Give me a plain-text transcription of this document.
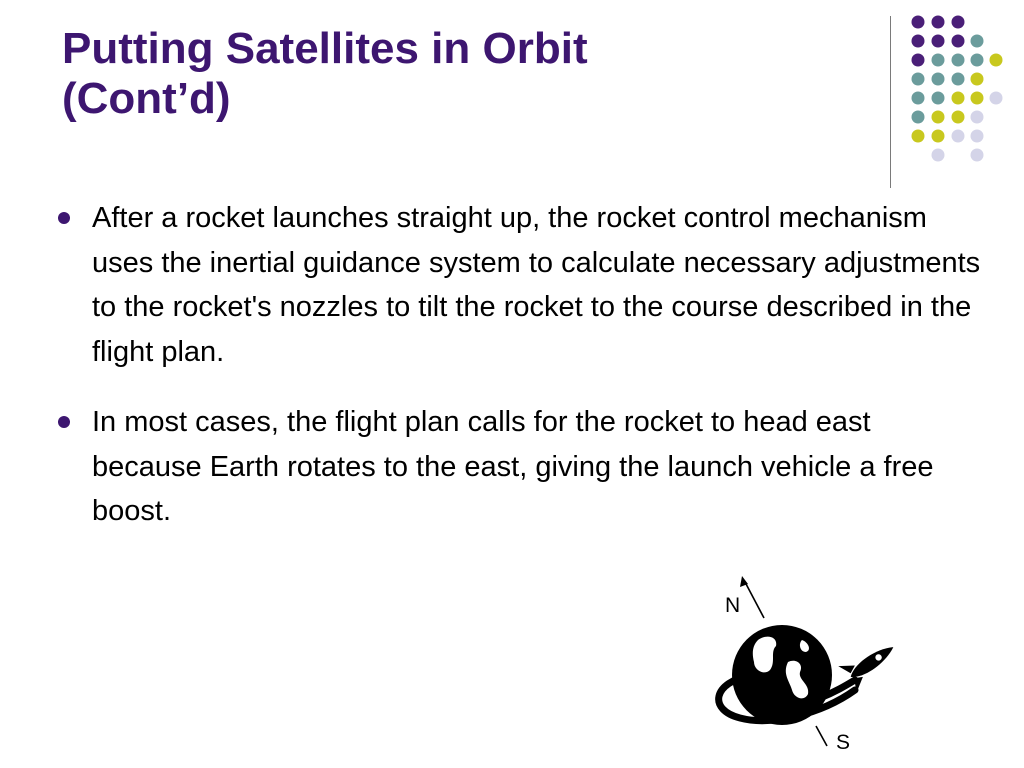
Putting Satellites in Orbit
(Cont’d)
After a rocket launches straight up, the rocket control mechanism uses the inertial guidance system to calculate necessary adjustments to the rocket's nozzles to tilt the rocket to the course described in the flight plan.
In most cases, the flight plan calls for the rocket to head east because Earth rotates to the east, giving the launch vehicle a free boost.
N
S
